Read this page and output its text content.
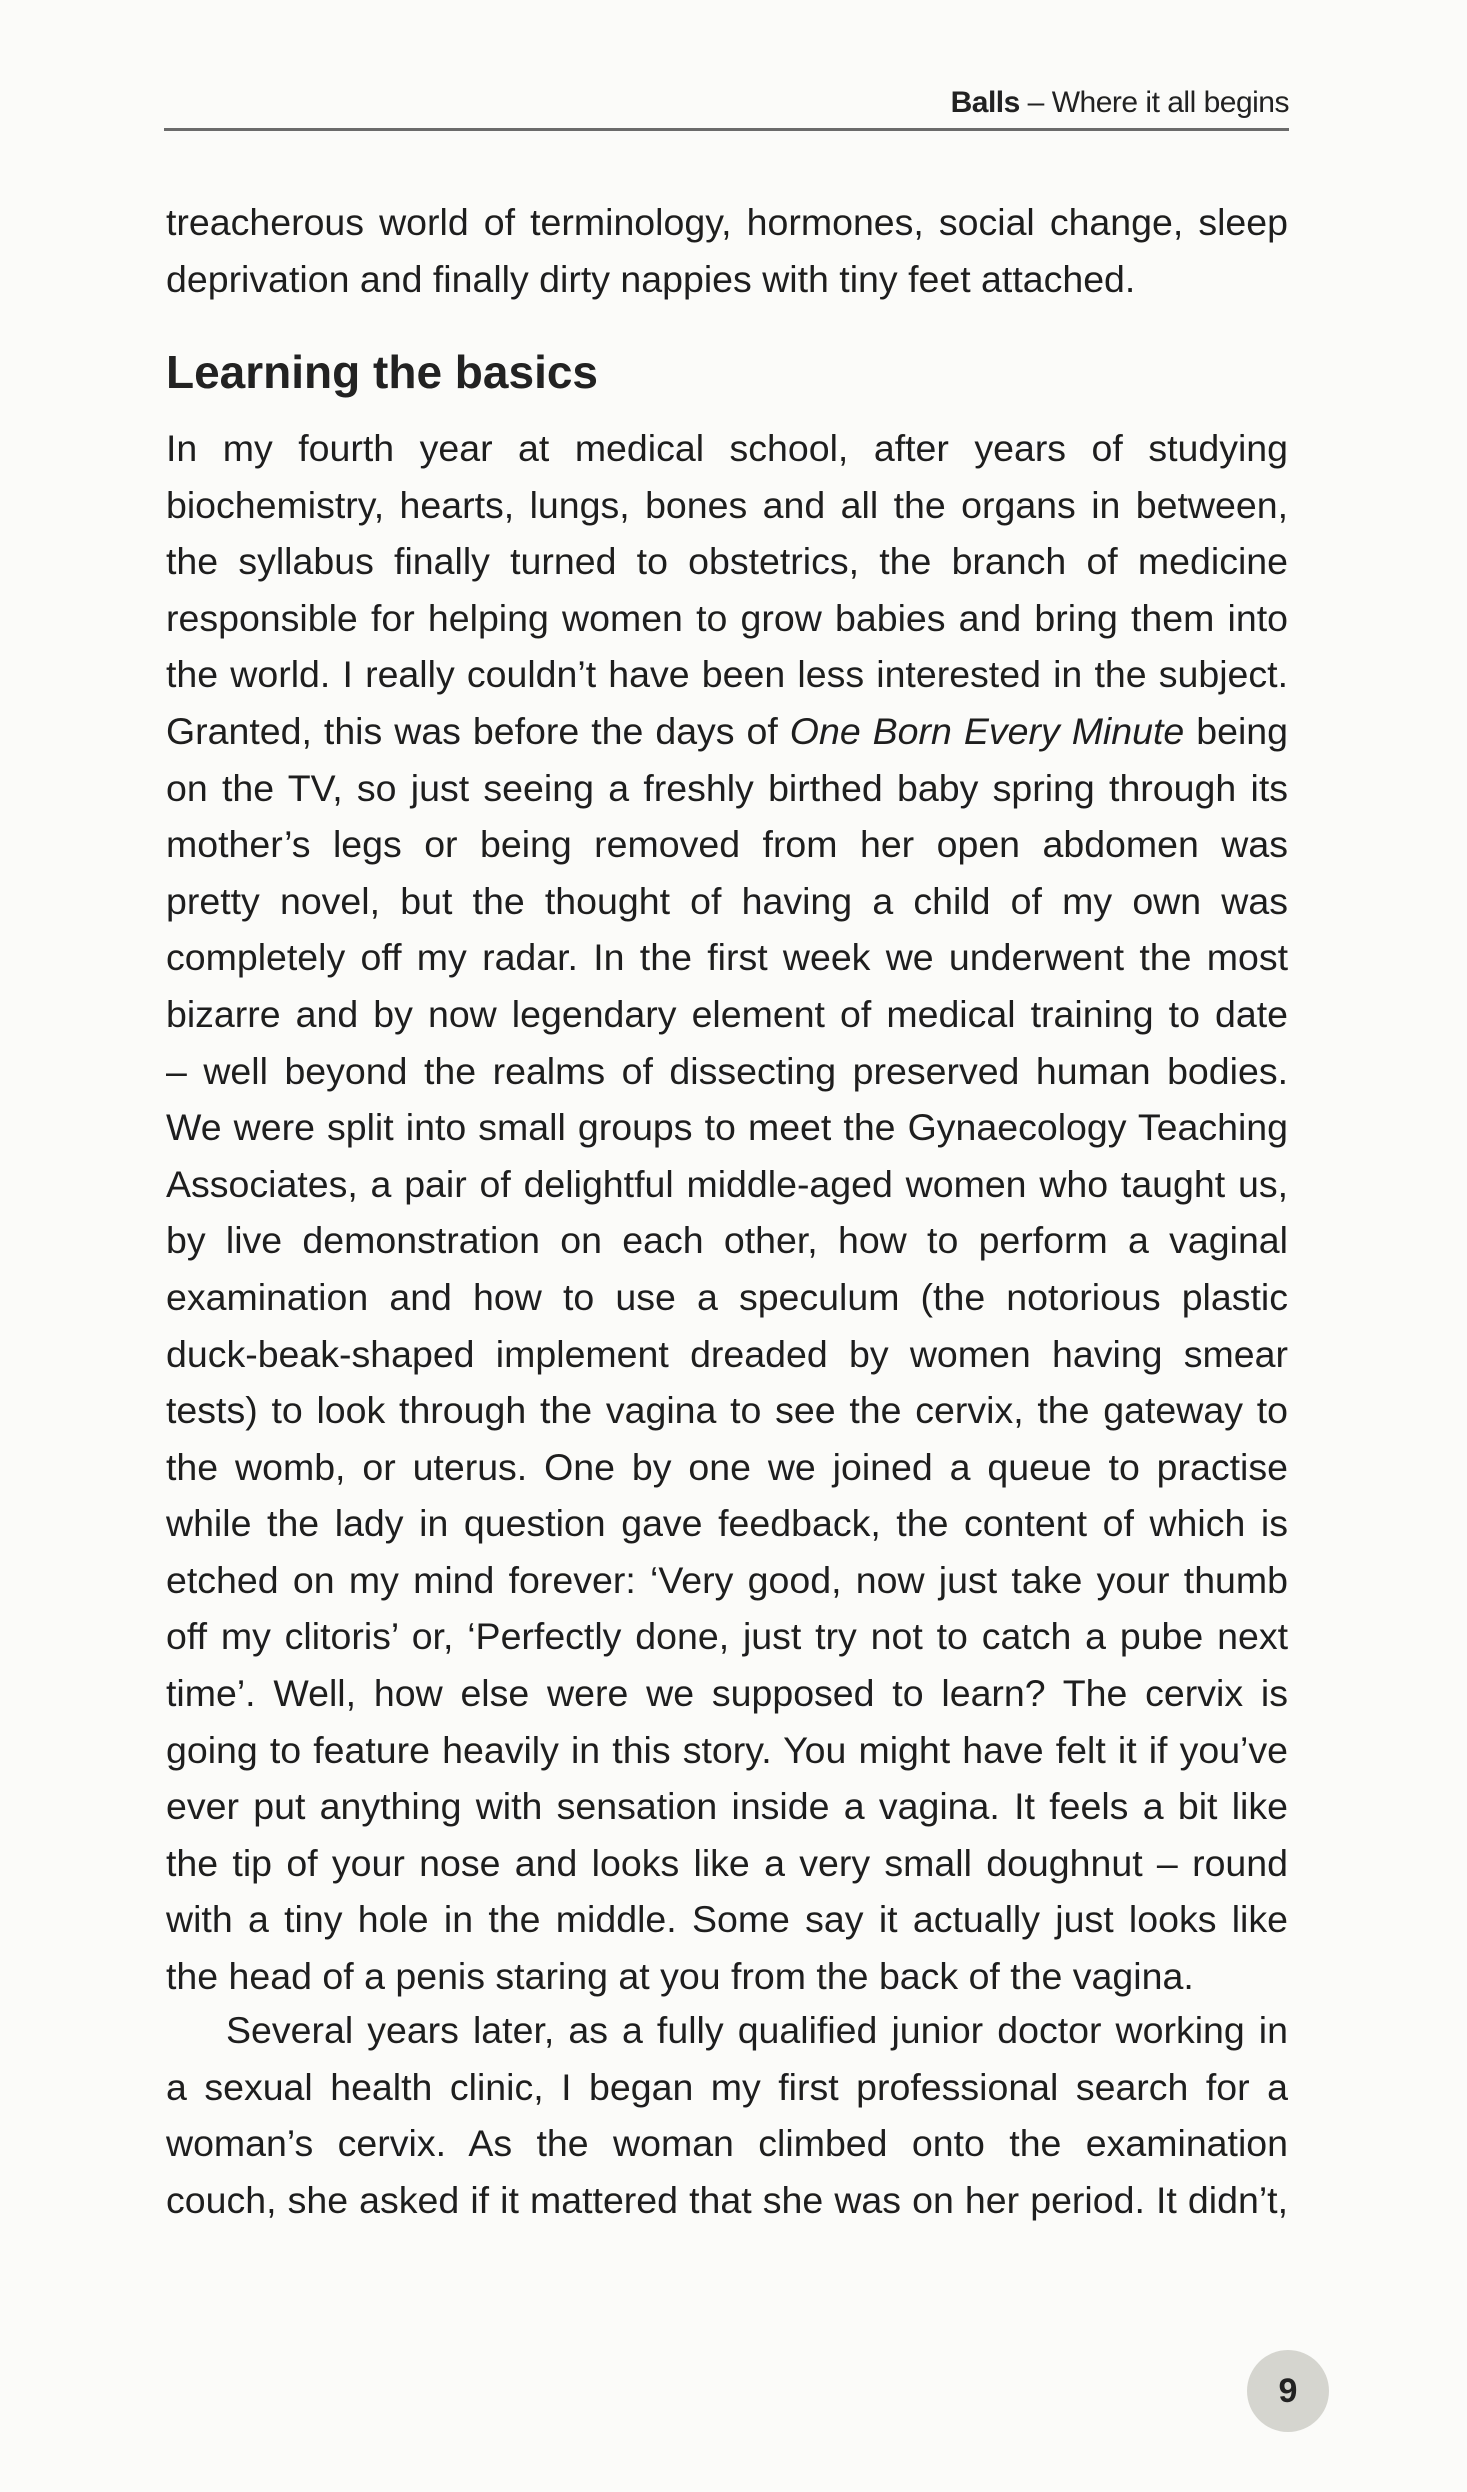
Balls – Where it all begins
treacherous world of terminology, hormones, social change, sleep
deprivation and finally dirty nappies with tiny feet attached.
Learning the basics
In my fourth year at medical school, after years of studying
biochemistry, hearts, lungs, bones and all the organs in between,
the syllabus finally turned to obstetrics, the branch of medicine
responsible for helping women to grow babies and bring them into
the world. I really couldn’t have been less interested in the subject.
Granted, this was before the days of One Born Every Minute being
on the TV, so just seeing a freshly birthed baby spring through its
mother’s legs or being removed from her open abdomen was
pretty novel, but the thought of having a child of my own was
completely off my radar. In the first week we underwent the most
bizarre and by now legendary element of medical training to date
– well beyond the realms of dissecting preserved human bodies.
We were split into small groups to meet the Gynaecology Teaching
Associates, a pair of delightful middle-aged women who taught us,
by live demonstration on each other, how to perform a vaginal
examination and how to use a speculum (the notorious plastic
duck-beak-shaped implement dreaded by women having smear
tests) to look through the vagina to see the cervix, the gateway to
the womb, or uterus. One by one we joined a queue to practise
while the lady in question gave feedback, the content of which is
etched on my mind forever: ‘Very good, now just take your thumb
off my clitoris’ or, ‘Perfectly done, just try not to catch a pube next
time’. Well, how else were we supposed to learn? The cervix is
going to feature heavily in this story. You might have felt it if you’ve
ever put anything with sensation inside a vagina. It feels a bit like
the tip of your nose and looks like a very small doughnut – round
with a tiny hole in the middle. Some say it actually just looks like
the head of a penis staring at you from the back of the vagina.
Several years later, as a fully qualified junior doctor working in
a sexual health clinic, I began my first professional search for a
woman’s cervix. As the woman climbed onto the examination
couch, she asked if it mattered that she was on her period. It didn’t,
9
